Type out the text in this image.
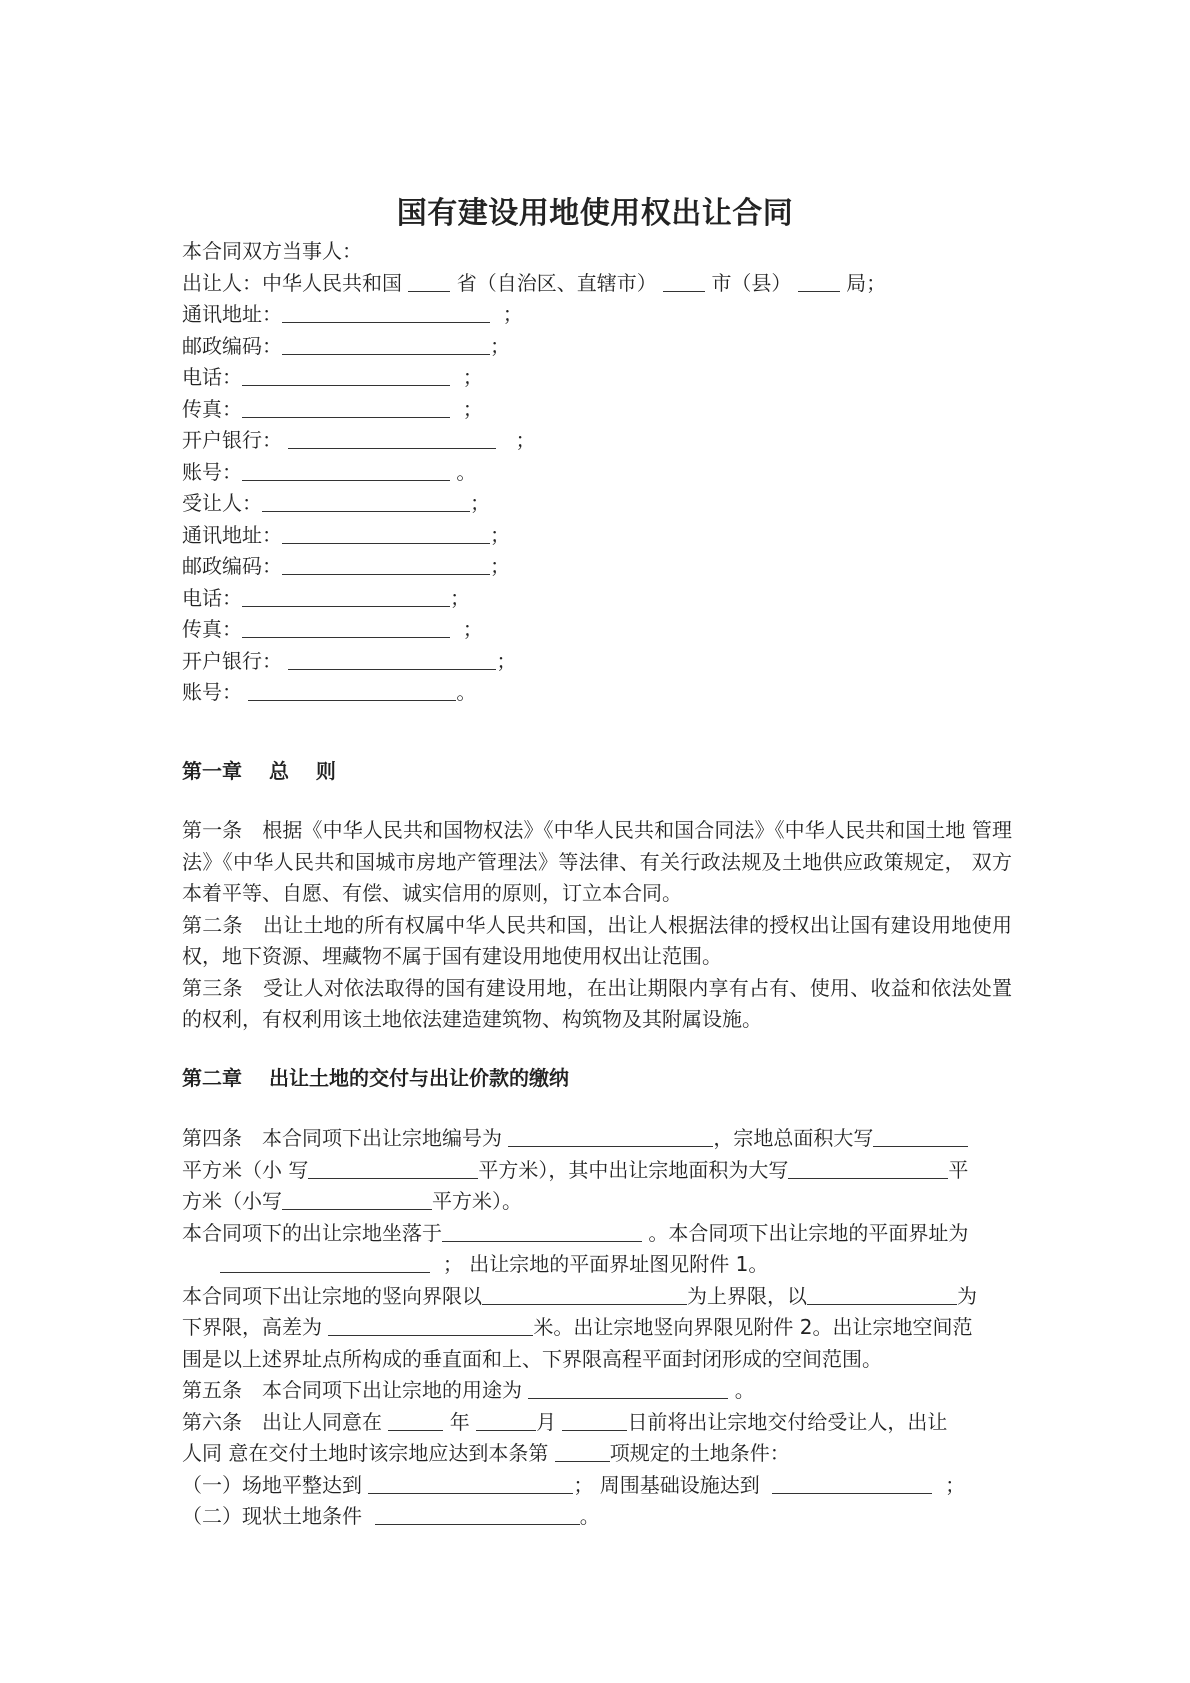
国有建设用地使用权出让合同
本合同双方当事人：
出让人：中华人民共和国	省（自治区、直辖市）	市（县）	局；
通讯地址：	；
邮政编码：	；
电话：	；
传真：	；
开户银行：	；
账号：	。
受让人：	；
通讯地址：	；
邮政编码：	；
电话：	；
传真：	；
开户银行：	；
账号：	。
第一章　 总　 则
第一条　根据《中华人民共和国物权法》《中华人民共和国合同法》《中华人民共和国土地 管理法》《中华人民共和国城市房地产管理法》等法律、有关行政法规及土地供应政策规定， 双方本着平等、自愿、有偿、诚实信用的原则，订立本合同。
第二条　出让土地的所有权属中华人民共和国，出让人根据法律的授权出让国有建设用地使用权，地下资源、埋藏物不属于国有建设用地使用权出让范围。
第三条　受让人对依法取得的国有建设用地，在出让期限内享有占有、使用、收益和依法处置的权利，有权利用该土地依法建造建筑物、构筑物及其附属设施。
第二章　 出让土地的交付与出让价款的缴纳
第四条　本合同项下出让宗地编号为	，宗地总面积大写
平方米（小 写	平方米），其中出让宗地面积为大写	平
方米（小写	平方米）。
本合同项下的出让宗地坐落于	。本合同项下出让宗地的平面界址为
； 出让宗地的平面界址图见附件 1。
本合同项下出让宗地的竖向界限以	为上界限，以	为
下界限，高差为	米。出让宗地竖向界限见附件 2。出让宗地空间范
围是以上述界址点所构成的垂直面和上、下界限高程平面封闭形成的空间范围。
第五条　本合同项下出让宗地的用途为	。
第六条　出让人同意在	年	月	日前将出让宗地交付给受让人，出让
人同 意在交付土地时该宗地应达到本条第	项规定的土地条件：
（一）场地平整达到	； 周围基础设施达到	；
（二）现状土地条件	。
